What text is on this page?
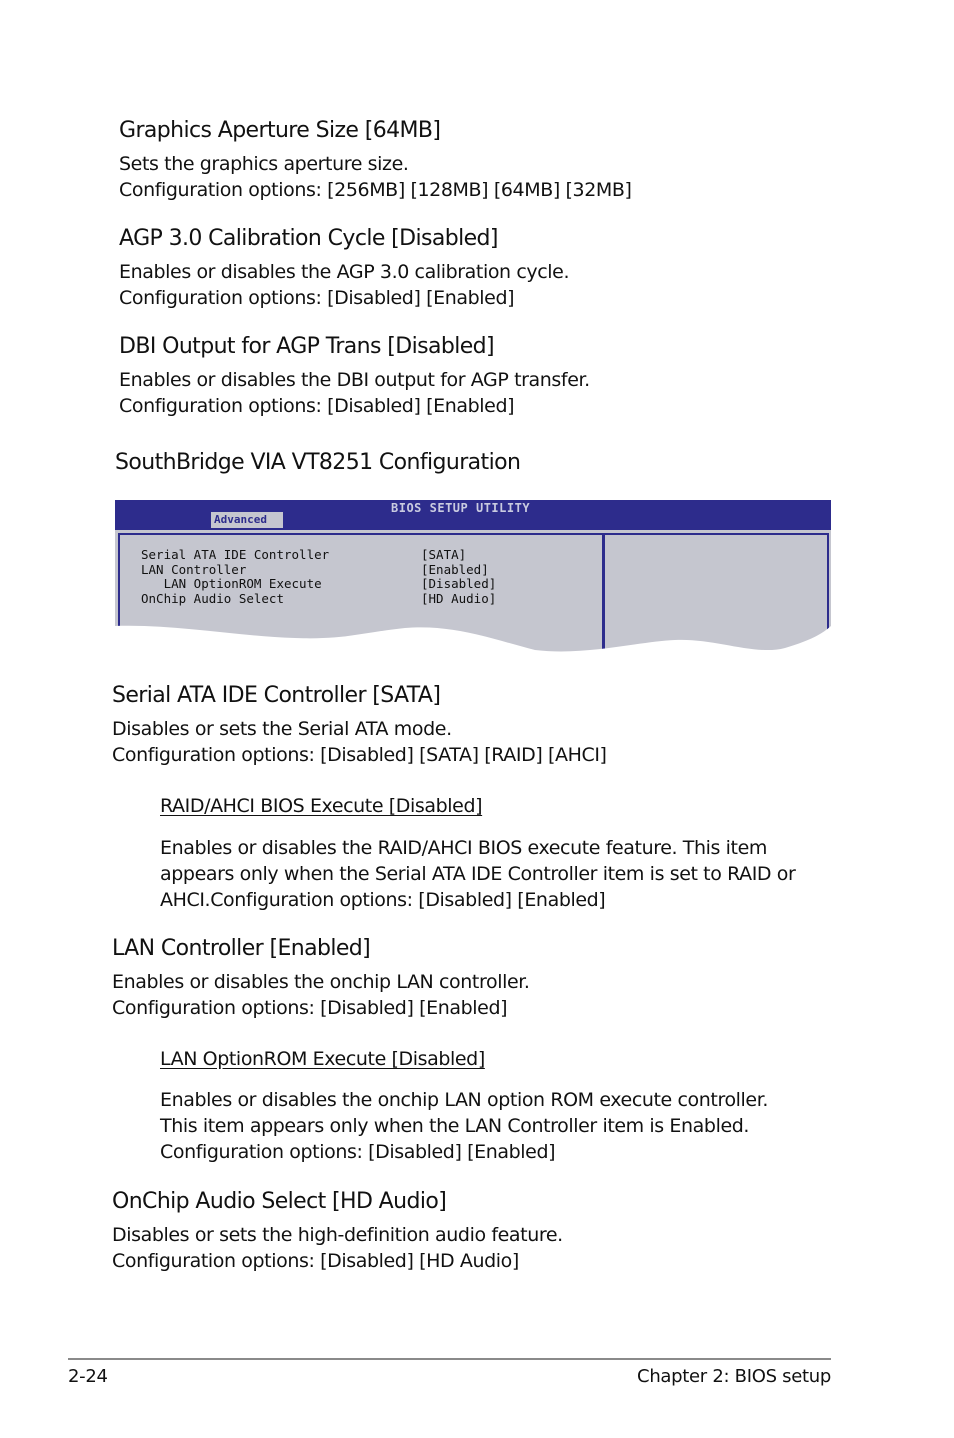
Graphics Aperture Size [64MB]
Sets the graphics aperture size.
Configuration options: [256MB] [128MB] [64MB] [32MB]
AGP 3.0 Calibration Cycle [Disabled]
Enables or disables the AGP 3.0 calibration cycle.
Configuration options: [Disabled] [Enabled]
DBI Output for AGP Trans [Disabled]
Enables or disables the DBI output for AGP transfer.
Configuration options: [Disabled] [Enabled]
SouthBridge VIA VT8251 Configuration
BIOS SETUP UTILITY
Advanced
Serial ATA IDE Controller	[SATA]
LAN Controller	[Enabled]
LAN OptionROM Execute	[Disabled]
OnChip Audio Select	[HD Audio]
Serial ATA IDE Controller [SATA]
Disables or sets the Serial ATA mode.
Configuration options: [Disabled] [SATA] [RAID] [AHCI]
RAID/AHCI BIOS Execute [Disabled]
Enables or disables the RAID/AHCI BIOS execute feature. This item
appears only when the Serial ATA IDE Controller item is set to RAID or
AHCI.Configuration options: [Disabled] [Enabled]
LAN Controller [Enabled]
Enables or disables the onchip LAN controller.
Configuration options: [Disabled] [Enabled]
LAN OptionROM Execute [Disabled]
Enables or disables the onchip LAN option ROM execute controller.
This item appears only when the LAN Controller item is Enabled.
Configuration options: [Disabled] [Enabled]
OnChip Audio Select [HD Audio]
Disables or sets the high-definition audio feature.
Configuration options: [Disabled] [HD Audio]
2-24	Chapter 2: BIOS setup
